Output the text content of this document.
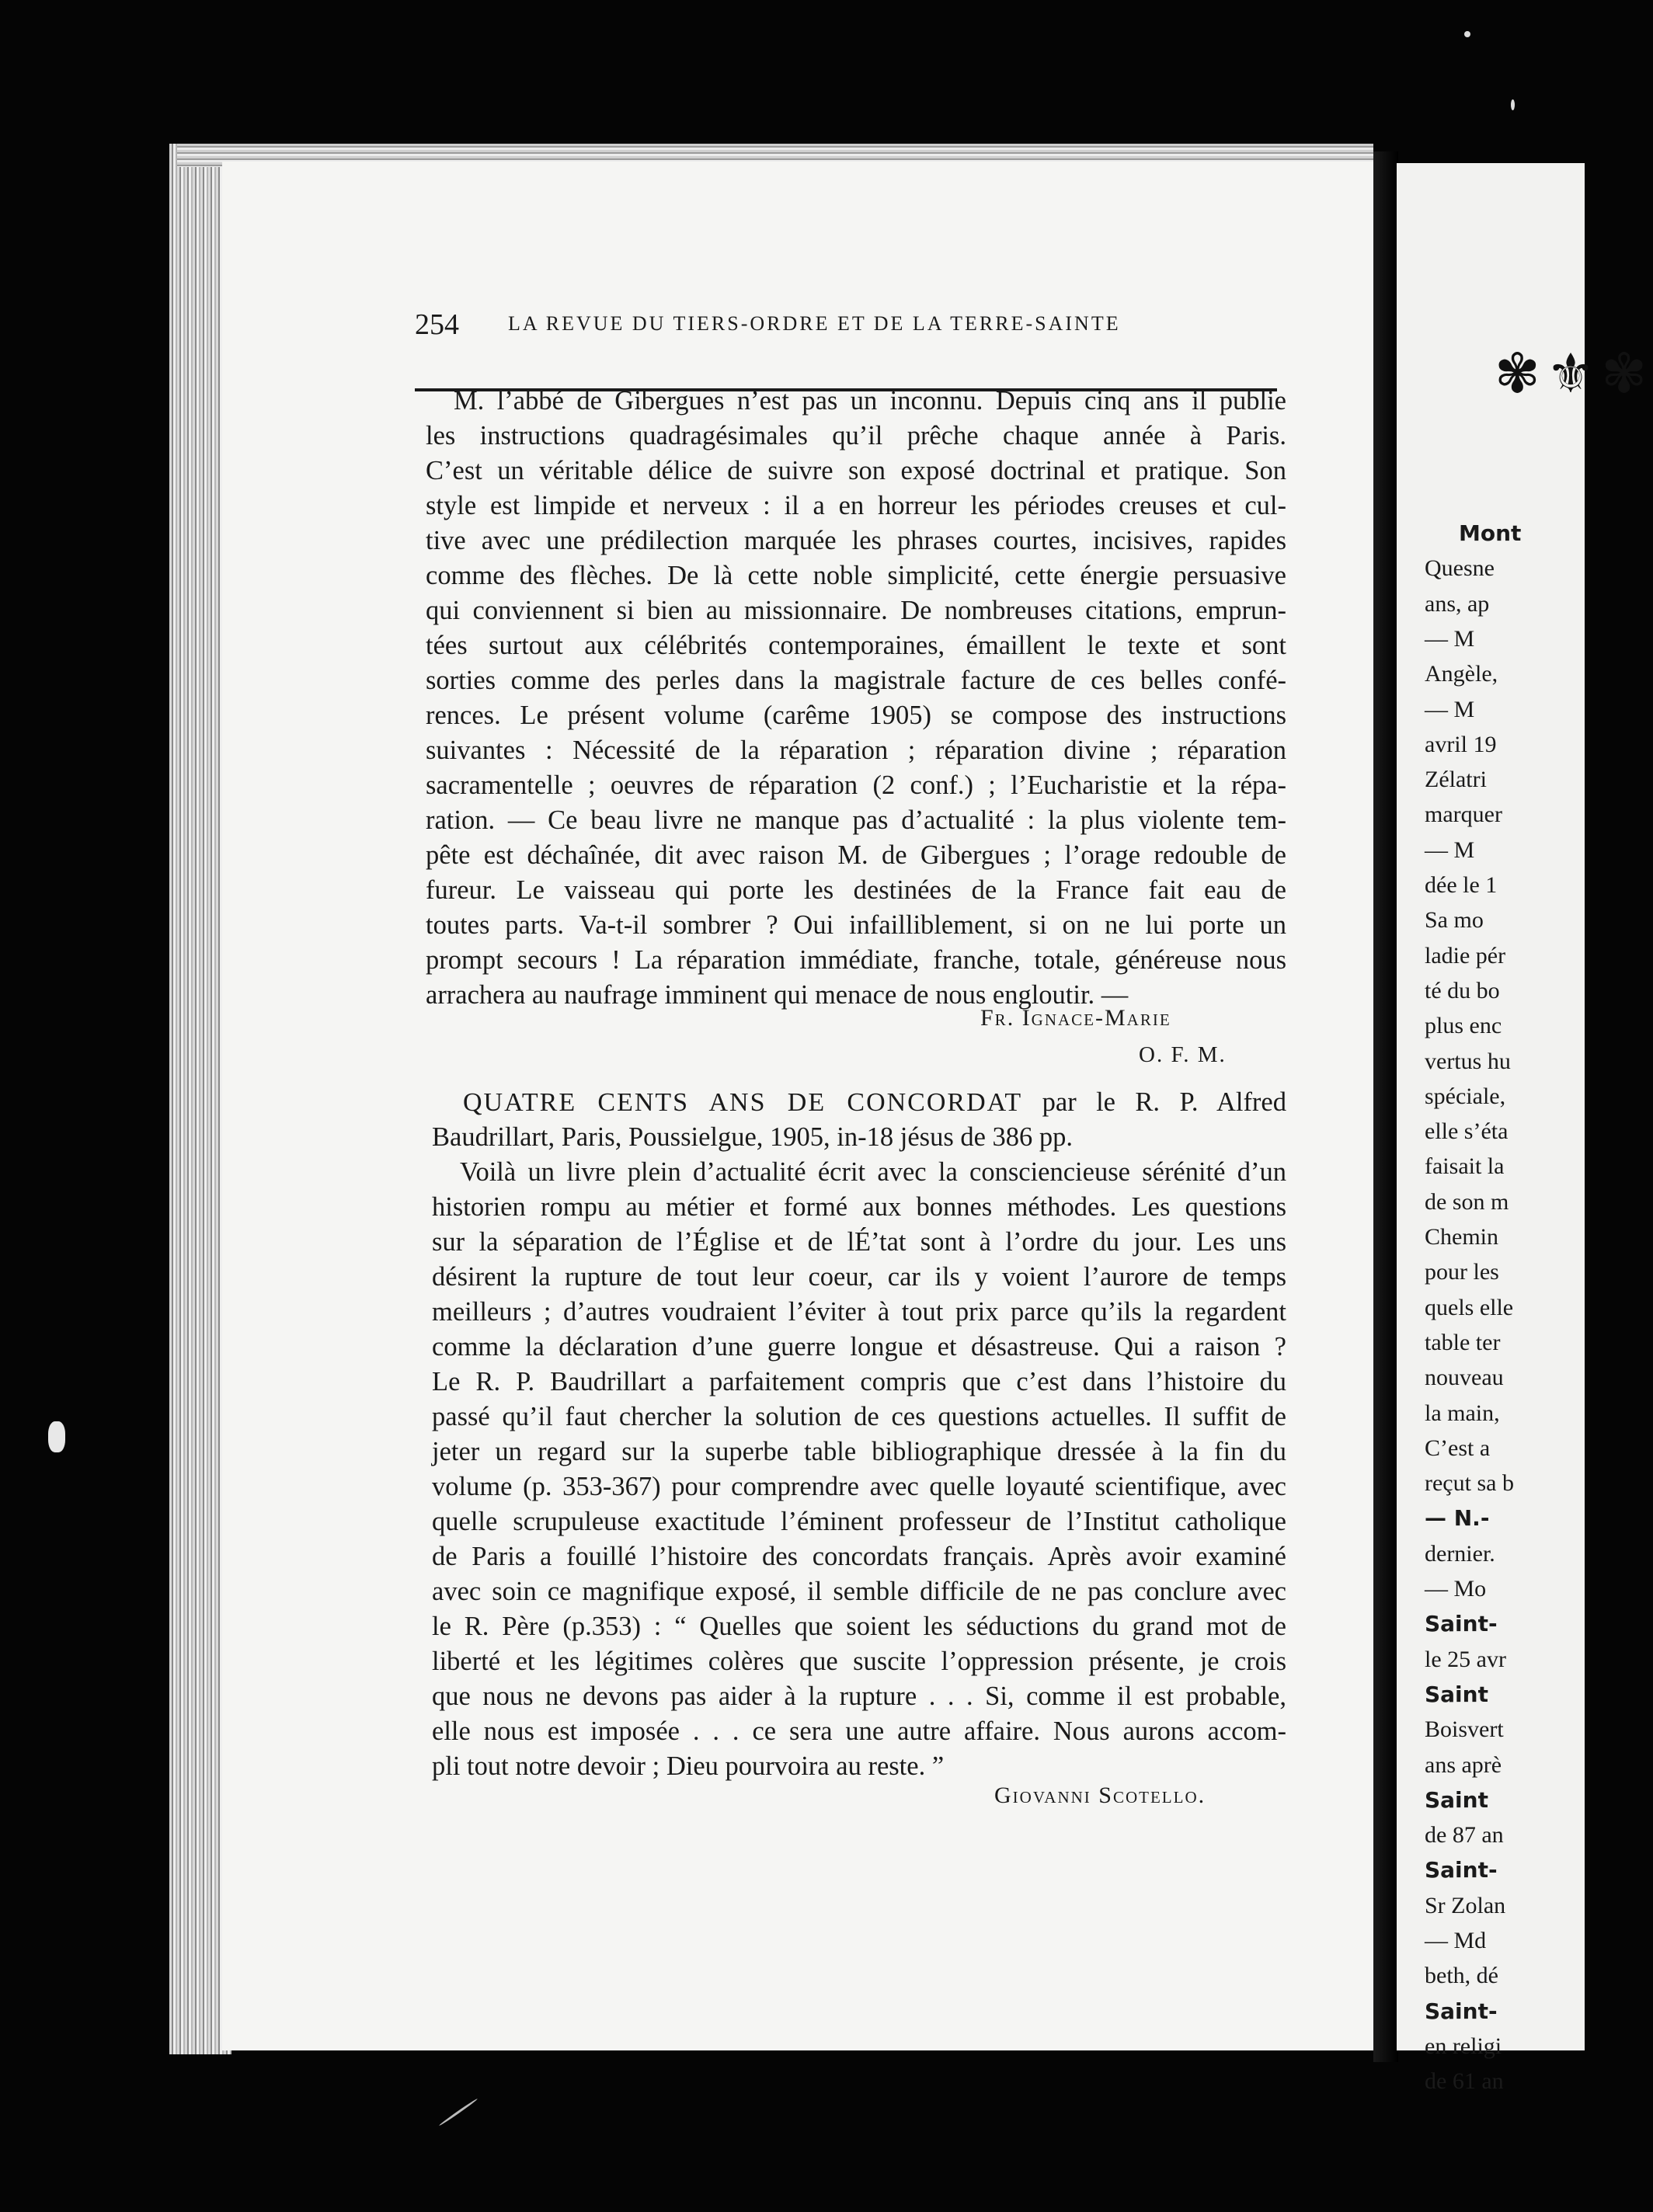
✾⚜✾
Mont
Quesne
ans, ap
— M
Angèle,
— M
avril 19
Zélatri
marquer
— M
dée le 1
Sa mo
ladie pér
té du bo
plus enc
vertus hu
spéciale,
elle s’éta
faisait la
de son m
Chemin
pour les
quels elle
table ter
nouveau
la main,
C’est a
reçut sa b
— N.-
dernier.
— Mo
Saint-
le 25 avr
Saint
Boisvert
ans aprè
Saint
de 87 an
Saint-
Sr Zolan
— Md
beth, dé
Saint-
en religi
de 61 an
254 LA REVUE DU TIERS-ORDRE ET DE LA TERRE-SAINTE
M. l’abbé de Gibergues n’est pas un inconnu. Depuis cinq ans il publie
les instructions quadragésimales qu’il prêche chaque année à Paris.
C’est un véritable délice de suivre son exposé doctrinal et pratique. Son
style est limpide et nerveux : il a en horreur les périodes creuses et cul-
tive avec une prédilection marquée les phrases courtes, incisives, rapides
comme des flèches. De là cette noble simplicité, cette énergie persuasive
qui conviennent si bien au missionnaire. De nombreuses citations, emprun-
tées surtout aux célébrités contemporaines, émaillent le texte et sont
sorties comme des perles dans la magistrale facture de ces belles confé-
rences. Le présent volume (carême 1905) se compose des instructions
suivantes : Nécessité de la réparation ; réparation divine ; réparation
sacramentelle ; oeuvres de réparation (2 conf.) ; l’Eucharistie et la répa-
ration. — Ce beau livre ne manque pas d’actualité : la plus violente tem-
pête est déchaînée, dit avec raison M. de Gibergues ; l’orage redouble de
fureur. Le vaisseau qui porte les destinées de la France fait eau de
toutes parts. Va-t-il sombrer ? Oui infailliblement, si on ne lui porte un
prompt secours ! La réparation immédiate, franche, totale, généreuse nous
arrachera au naufrage imminent qui menace de nous engloutir. —
Fr. Ignace-Marie
O. F. M.
QUATRE CENTS ANS DE CONCORDAT par le R. P. Alfred
Baudrillart, Paris, Poussielgue, 1905, in-18 jésus de 386 pp.
Voilà un livre plein d’actualité écrit avec la consciencieuse sérénité d’un
historien rompu au métier et formé aux bonnes méthodes. Les questions
sur la séparation de l’Église et de lÉ’tat sont à l’ordre du jour. Les uns
désirent la rupture de tout leur coeur, car ils y voient l’aurore de temps
meilleurs ; d’autres voudraient l’éviter à tout prix parce qu’ils la regardent
comme la déclaration d’une guerre longue et désastreuse. Qui a raison ?
Le R. P. Baudrillart a parfaitement compris que c’est dans l’histoire du
passé qu’il faut chercher la solution de ces questions actuelles. Il suffit de
jeter un regard sur la superbe table bibliographique dressée à la fin du
volume (p. 353-367) pour comprendre avec quelle loyauté scientifique, avec
quelle scrupuleuse exactitude l’éminent professeur de l’Institut catholique
de Paris a fouillé l’histoire des concordats français. Après avoir examiné
avec soin ce magnifique exposé, il semble difficile de ne pas conclure avec
le R. Père (p.353) : “ Quelles que soient les séductions du grand mot de
liberté et les légitimes colères que suscite l’oppression présente, je crois
que nous ne devons pas aider à la rupture . . . Si, comme il est probable,
elle nous est imposée . . . ce sera une autre affaire. Nous aurons accom-
pli tout notre devoir ; Dieu pourvoira au reste. ”
Giovanni Scotello.
